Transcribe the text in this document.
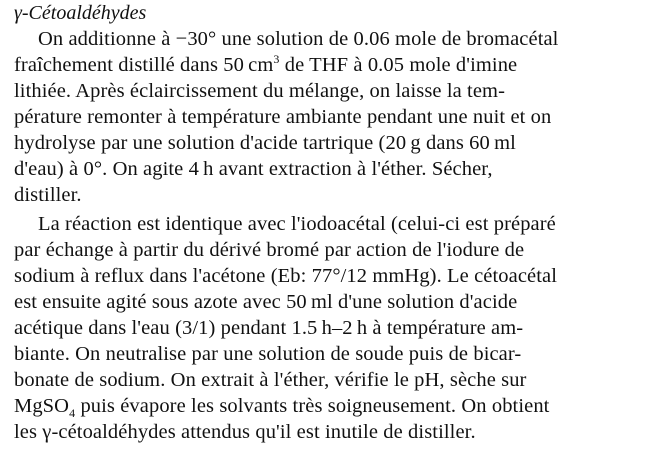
γ-Cétoaldéhydes
On additionne à −30° une solution de 0.06 mole de bromacétal
fraîchement distillé dans 50 $cm^3$ de THF à 0.05 mole d'imine
lithiée. Après éclaircissement du mélange, on laisse la tem-
pérature remonter à température ambiante pendant une nuit et on
hydrolyse par une solution d'acide tartrique (20 g dans 60 ml
d'eau) à 0°. On agite 4 h avant extraction à l'éther. Sécher,
distiller.
La réaction est identique avec l'iodoacétal (celui-ci est préparé
par échange à partir du dérivé bromé par action de l'iodure de
sodium à reflux dans l'acétone (Eb: 77°/12 mmHg). Le cétoacétal
est ensuite agité sous azote avec 50 ml d'une solution d'acide
acétique dans l'eau (3/1) pendant 1.5 h–2 h à température am-
biante. On neutralise par une solution de soude puis de bicar-
bonate de sodium. On extrait à l'éther, vérifie le pH, sèche sur
MgSO$_4$ puis évapore les solvants très soigneusement. On obtient
les γ-cétoaldéhydes attendus qu'il est inutile de distiller.
